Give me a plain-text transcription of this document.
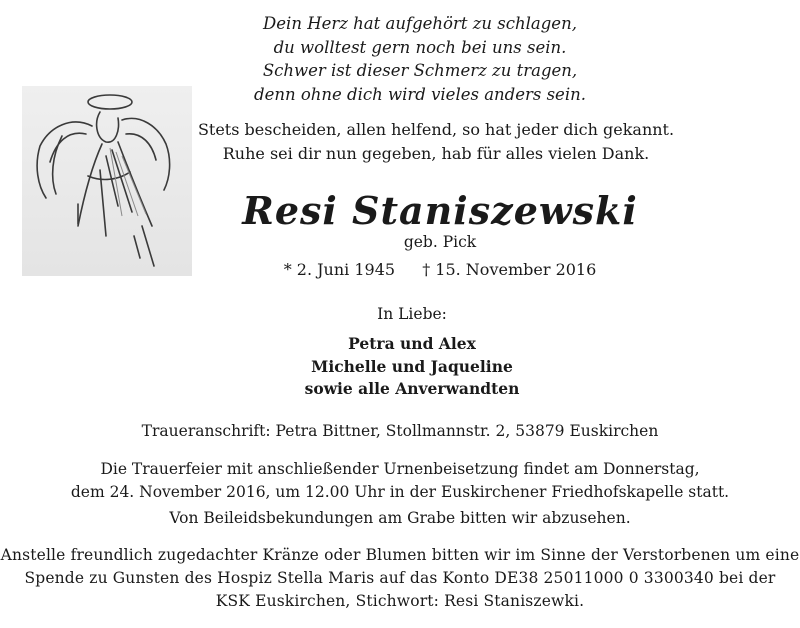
Dein Herz hat aufgehört zu schlagen,
du wolltest gern noch bei uns sein.
Schwer ist dieser Schmerz zu tragen,
denn ohne dich wird vieles anders sein.
Stets bescheiden, allen helfend, so hat jeder dich gekannt.
Ruhe sei dir nun gegeben, hab für alles vielen Dank.
Resi Staniszewski
geb. Pick
* 2. Juni 1945 † 15. November 2016
In Liebe:
Petra und Alex
Michelle und Jaqueline
sowie alle Anverwandten
Traueranschrift: Petra Bittner, Stollmannstr. 2, 53879 Euskirchen
Die Trauerfeier mit anschließender Urnenbeisetzung findet am Donnerstag,
dem 24. November 2016, um 12.00 Uhr in der Euskirchener Friedhofskapelle statt.
Von Beileidsbekundungen am Grabe bitten wir abzusehen.
Anstelle freundlich zugedachter Kränze oder Blumen bitten wir im Sinne der Verstorbenen um eine
Spende zu Gunsten des Hospiz Stella Maris auf das Konto DE38 25011000 0 3300340 bei der
KSK Euskirchen, Stichwort: Resi Staniszewki.
